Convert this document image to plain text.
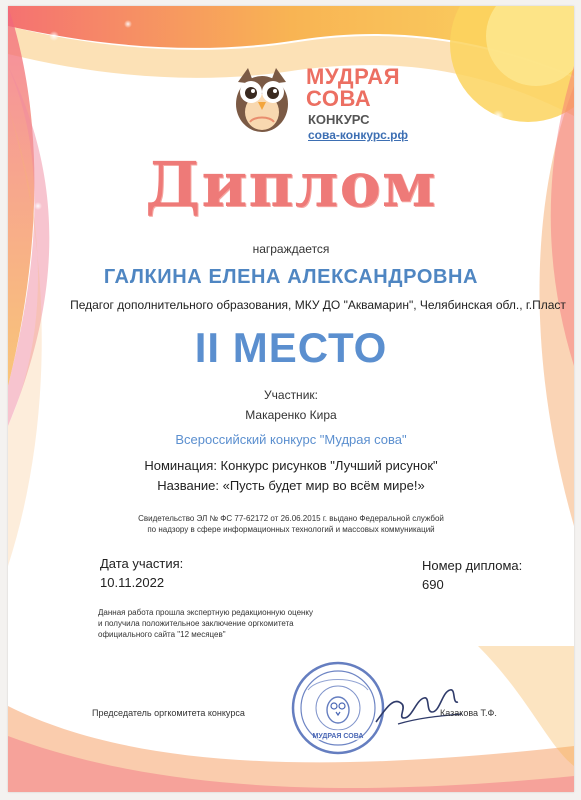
МУДРАЯ
СОВА
КОНКУРС
сова-конкурс.рф
Диплом
награждается
ГАЛКИНА ЕЛЕНА АЛЕКСАНДРОВНА
Педагог дополнительного образования, МКУ ДО "Аквамарин", Челябинская обл., г.Пласт
II МЕСТО
Участник:
Макаренко Кира
Всероссийский конкурс "Мудрая сова"
Номинация: Конкурс рисунков "Лучший рисунок"
Название: «Пусть будет мир во всём мире!»
Свидетельство ЭЛ № ФС 77-62172 от 26.06.2015 г. выдано Федеральной службой
по надзору в сфере информационных технологий и массовых коммуникаций
Дата участия:
10.11.2022
Номер диплома:
690
Данная работа прошла экспертную редакционную оценку
и получила положительное заключение оргкомитета
официального сайта "12 месяцев"
Председатель оргкомитета конкурса
МУДРАЯ СОВА
Казакова Т.Ф.
